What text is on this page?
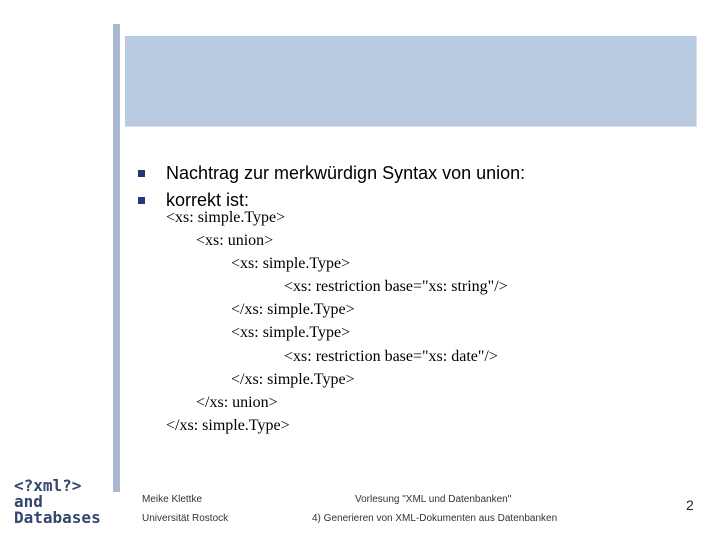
Nachtrag zur merkwürdign Syntax von union:
korrekt ist:
<xs: simple.Type>
<xs: union>
<xs: simple.Type>
<xs: restriction base="xs: string"/>
</xs: simple.Type>
<xs: simple.Type>
<xs: restriction base="xs: date"/>
</xs: simple.Type>
</xs: union>
</xs: simple.Type>
<?xml?>
and
Databases
Meike Klettke
Universität Rostock
Vorlesung "XML und Datenbanken"
4) Generieren von XML-Dokumenten aus Datenbanken
2
